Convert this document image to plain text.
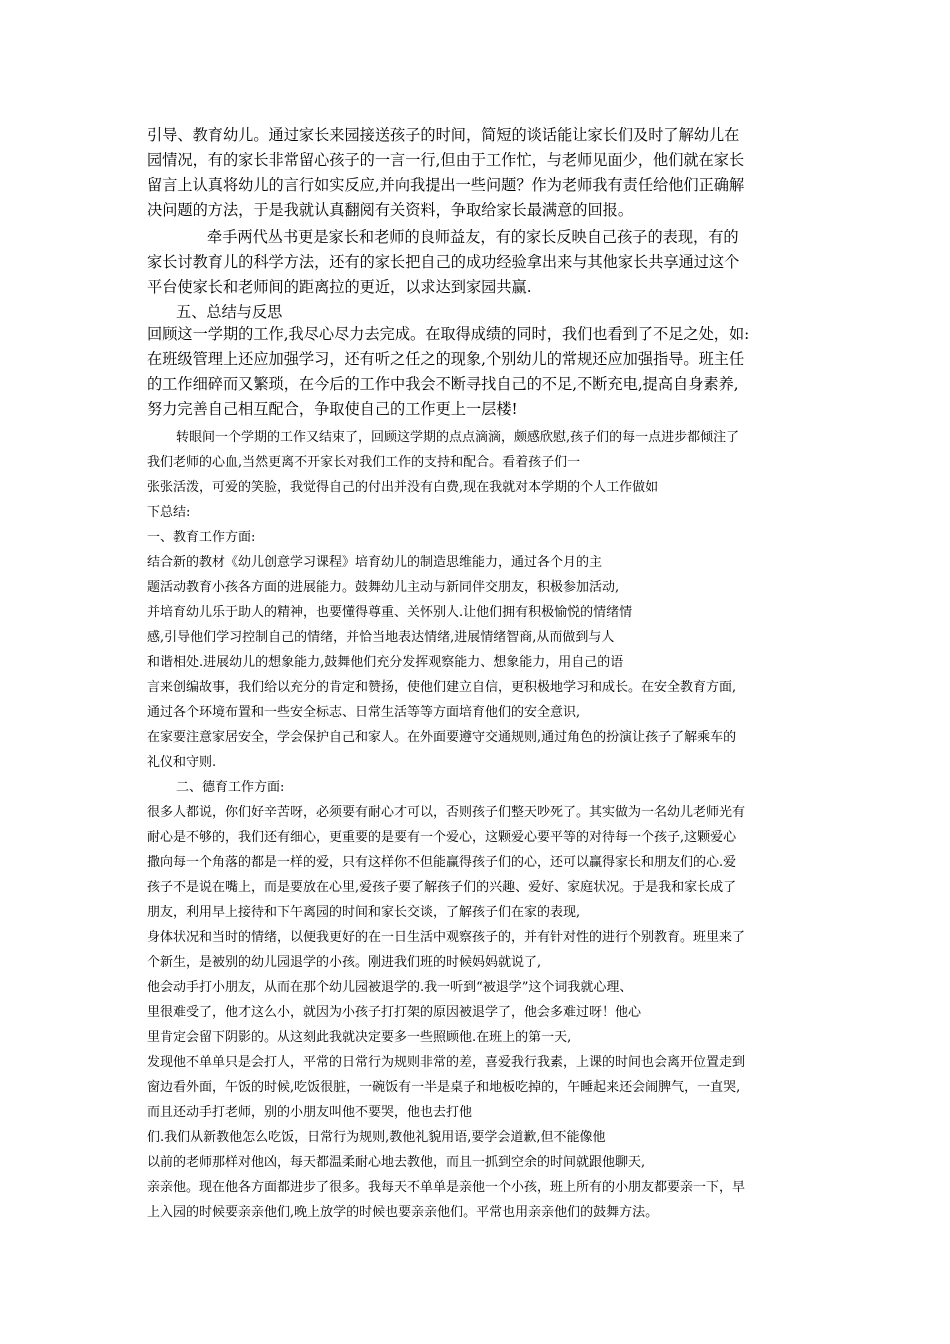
引导、教育幼儿。通过家长来园接送孩子的时间，简短的谈话能让家长们及时了解幼儿在
园情况，有的家长非常留心孩子的一言一行,但由于工作忙，与老师见面少，他们就在家长
留言上认真将幼儿的言行如实反应,并向我提出一些问题？作为老师我有责任给他们正确解
决问题的方法，于是我就认真翻阅有关资料，争取给家长最满意的回报。
牵手两代丛书更是家长和老师的良师益友，有的家长反映自己孩子的表现，有的
家长讨教育儿的科学方法，还有的家长把自己的成功经验拿出来与其他家长共享通过这个
平台使家长和老师间的距离拉的更近，以求达到家园共赢.
五、总结与反思
回顾这一学期的工作,我尽心尽力去完成。在取得成绩的同时，我们也看到了不足之处，如:
在班级管理上还应加强学习，还有听之任之的现象,个别幼儿的常规还应加强指导。班主任
的工作细碎而又繁琐，在今后的工作中我会不断寻找自己的不足,不断充电,提高自身素养,
努力完善自己相互配合，争取使自己的工作更上一层楼!
转眼间一个学期的工作又结束了，回顾这学期的点点滴滴，颇感欣慰,孩子们的每一点进步都倾注了
我们老师的心血,当然更离不开家长对我们工作的支持和配合。看着孩子们一
张张活泼，可爱的笑脸，我觉得自己的付出并没有白费,现在我就对本学期的个人工作做如
下总结:
一、教育工作方面:
结合新的教材《幼儿创意学习课程》培育幼儿的制造思维能力，通过各个月的主
题活动教育小孩各方面的进展能力。鼓舞幼儿主动与新同伴交朋友，积极参加活动,
并培育幼儿乐于助人的精神，也要懂得尊重、关怀别人.让他们拥有积极愉悦的情绪情
感,引导他们学习控制自己的情绪，并恰当地表达情绪,进展情绪智商,从而做到与人
和谐相处.进展幼儿的想象能力,鼓舞他们充分发挥观察能力、想象能力，用自己的语
言来创编故事，我们给以充分的肯定和赞扬，使他们建立自信，更积极地学习和成长。在安全教育方面,
通过各个环境布置和一些安全标志、日常生活等等方面培育他们的安全意识,
在家要注意家居安全，学会保护自己和家人。在外面要遵守交通规则,通过角色的扮演让孩子了解乘车的
礼仪和守则.
二、德育工作方面:
很多人都说，你们好辛苦呀，必须要有耐心才可以，否则孩子们整天吵死了。其实做为一名幼儿老师光有
耐心是不够的，我们还有细心，更重要的是要有一个爱心，这颗爱心要平等的对待每一个孩子,这颗爱心
撒向每一个角落的都是一样的爱，只有这样你不但能赢得孩子们的心，还可以赢得家长和朋友们的心.爱
孩子不是说在嘴上，而是要放在心里,爱孩子要了解孩子们的兴趣、爱好、家庭状况。于是我和家长成了
朋友，利用早上接待和下午离园的时间和家长交谈，了解孩子们在家的表现,
身体状况和当时的情绪，以便我更好的在一日生活中观察孩子的，并有针对性的进行个别教育。班里来了
个新生，是被别的幼儿园退学的小孩。刚进我们班的时候妈妈就说了,
他会动手打小朋友，从而在那个幼儿园被退学的.我一听到“被退学”这个词我就心理、
里很难受了，他才这么小，就因为小孩子打打架的原因被退学了，他会多难过呀！他心
里肯定会留下阴影的。从这刻此我就决定要多一些照顾他.在班上的第一天,
发现他不单单只是会打人，平常的日常行为规则非常的差，喜爱我行我素，上课的时间也会离开位置走到
窗边看外面，午饭的时候,吃饭很脏，一碗饭有一半是桌子和地板吃掉的，午睡起来还会闹脾气，一直哭,
而且还动手打老师，别的小朋友叫他不要哭，他也去打他
们.我们从新教他怎么吃饭，日常行为规则,教他礼貌用语,要学会道歉,但不能像他
以前的老师那样对他凶，每天都温柔耐心地去教他，而且一抓到空余的时间就跟他聊天,
亲亲他。现在他各方面都进步了很多。我每天不单单是亲他一个小孩，班上所有的小朋友都要亲一下，早
上入园的时候要亲亲他们,晚上放学的时候也要亲亲他们。平常也用亲亲他们的鼓舞方法。
